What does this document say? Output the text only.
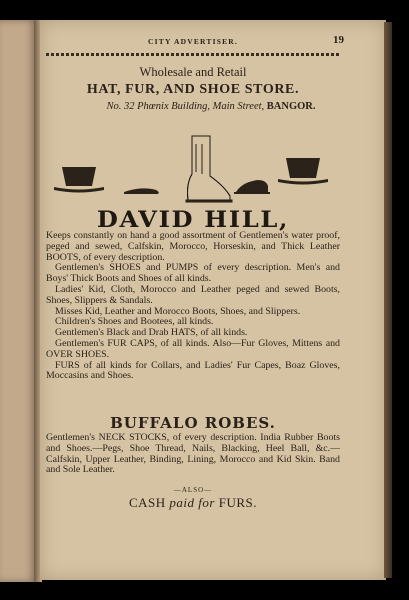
CITY ADVERTISER.	19
Wholesale and Retail
HAT, FUR, AND SHOE STORE.
No. 32 Phœnix Building, Main Street, BANGOR.
DAVID HILL,

Keeps constantly on hand a good assortment of Gentlemen's water proof, peged and sewed, Calfskin, Morocco, Horseskin, and Thick Leather BOOTS, of every description.

Gentlemen's SHOES and PUMPS of every description. Men's and Boys' Thick Boots and Shoes of all kinds.

Ladies' Kid, Cloth, Morocco and Leather peged and sewed Boots, Shoes, Slippers & Sandals.

Misses Kid, Leather and Morocco Boots, Shoes, and Slippers.

Children's Shoes and Bootees, all kinds.

Gentlemen's Black and Drab HATS, of all kinds.

Gentlemen's FUR CAPS, of all kinds. Also—Fur Gloves, Mittens and OVER SHOES.

FURS of all kinds for Collars, and Ladies' Fur Capes, Boaz Gloves, Moccasins and Shoes.

BUFFALO ROBES.

Gentlemen's NECK STOCKS, of every description. India Rubber Boots and Shoes.—Pegs, Shoe Thread, Nails, Blacking, Heel Ball, &c.—Calfskin, Upper Leather, Binding, Lining, Morocco and Kid Skin. Band and Sole Leather.

—ALSO—
CASH paid for FURS.
